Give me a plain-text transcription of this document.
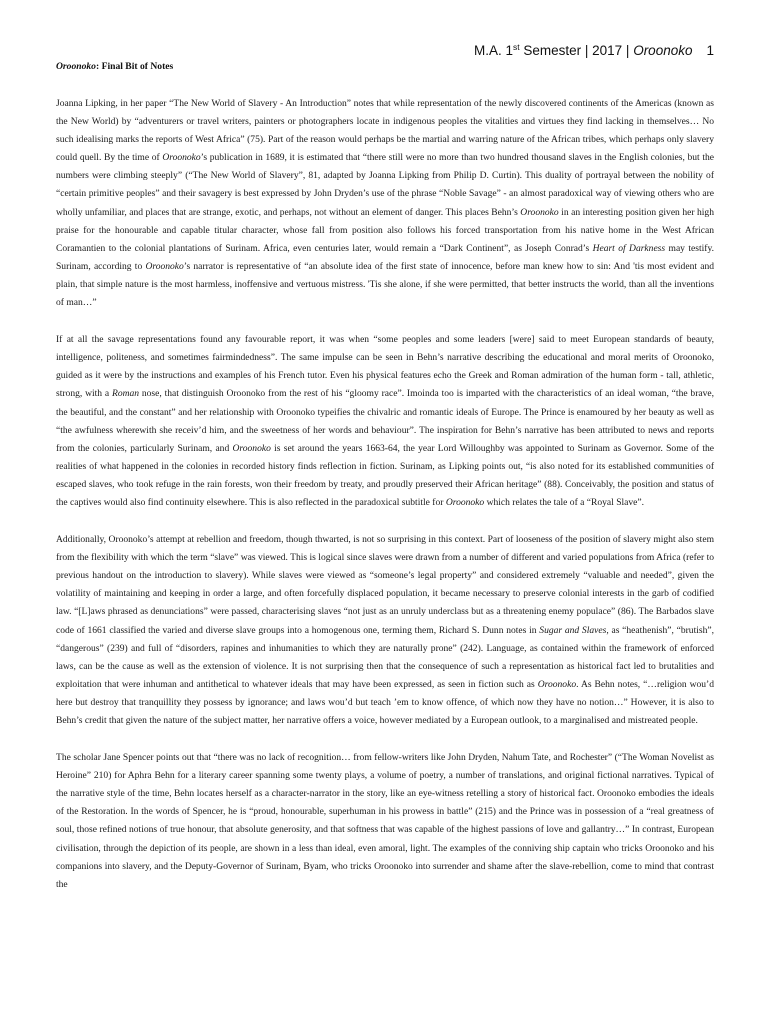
M.A. 1st Semester | 2017 | Oroonoko 1
Oroonoko: Final Bit of Notes

Joanna Lipking, in her paper “The New World of Slavery - An Introduction” notes that while representation of the newly discovered continents of the Americas (known as the New World) by “adventurers or travel writers, painters or photographers locate in indigenous peoples the vitalities and virtues they find lacking in themselves… No such idealising marks the reports of West Africa” (75). Part of the reason would perhaps be the martial and warring nature of the African tribes, which perhaps only slavery could quell. By the time of Oroonoko’s publication in 1689, it is estimated that “there still were no more than two hundred thousand slaves in the English colonies, but the numbers were climbing steeply” (“The New World of Slavery”, 81, adapted by Joanna Lipking from Philip D. Curtin). This duality of portrayal between the nobility of “certain primitive peoples” and their savagery is best expressed by John Dryden’s use of the phrase “Noble Savage” - an almost paradoxical way of viewing others who are wholly unfamiliar, and places that are strange, exotic, and perhaps, not without an element of danger. This places Behn’s Oroonoko in an interesting position given her high praise for the honourable and capable titular character, whose fall from position also follows his forced transportation from his native home in the West African Coramantien to the colonial plantations of Surinam. Africa, even centuries later, would remain a “Dark Continent”, as Joseph Conrad’s Heart of Darkness may testify. Surinam, according to Oroonoko’s narrator is representative of “an absolute idea of the first state of innocence, before man knew how to sin: And 'tis most evident and plain, that simple nature is the most harmless, inoffensive and vertuous mistress. 'Tis she alone, if she were permitted, that better instructs the world, than all the inventions of man…”

If at all the savage representations found any favourable report, it was when “some peoples and some leaders [were] said to meet European standards of beauty, intelligence, politeness, and sometimes fairmindedness”. The same impulse can be seen in Behn’s narrative describing the educational and moral merits of Oroonoko, guided as it were by the instructions and examples of his French tutor. Even his physical features echo the Greek and Roman admiration of the human form - tall, athletic, strong, with a Roman nose, that distinguish Oroonoko from the rest of his “gloomy race”. Imoinda too is imparted with the characteristics of an ideal woman, “the brave, the beautiful, and the constant” and her relationship with Oroonoko typeifies the chivalric and romantic ideals of Europe. The Prince is enamoured by her beauty as well as “the awfulness wherewith she receiv’d him, and the sweetness of her words and behaviour”. The inspiration for Behn’s narrative has been attributed to news and reports from the colonies, particularly Surinam, and Oroonoko is set around the years 1663-64, the year Lord Willoughby was appointed to Surinam as Governor. Some of the realities of what happened in the colonies in recorded history finds reflection in fiction. Surinam, as Lipking points out, “is also noted for its established communities of escaped slaves, who took refuge in the rain forests, won their freedom by treaty, and proudly preserved their African heritage” (88). Conceivably, the position and status of the captives would also find continuity elsewhere. This is also reflected in the paradoxical subtitle for Oroonoko which relates the tale of a “Royal Slave”.

Additionally, Oroonoko’s attempt at rebellion and freedom, though thwarted, is not so surprising in this context. Part of looseness of the position of slavery might also stem from the flexibility with which the term “slave” was viewed. This is logical since slaves were drawn from a number of different and varied populations from Africa (refer to previous handout on the introduction to slavery). While slaves were viewed as “someone’s legal property” and considered extremely “valuable and needed”, given the volatility of maintaining and keeping in order a large, and often forcefully displaced population, it became necessary to preserve colonial interests in the garb of codified law. “[L]aws phrased as denunciations” were passed, characterising slaves “not just as an unruly underclass but as a threatening enemy populace” (86). The Barbados slave code of 1661 classified the varied and diverse slave groups into a homogenous one, terming them, Richard S. Dunn notes in Sugar and Slaves, as “heathenish”, “brutish”, “dangerous” (239) and full of “disorders, rapines and inhumanities to which they are naturally prone” (242). Language, as contained within the framework of enforced laws, can be the cause as well as the extension of violence. It is not surprising then that the consequence of such a representation as historical fact led to brutalities and exploitation that were inhuman and antithetical to whatever ideals that may have been expressed, as seen in fiction such as Oroonoko. As Behn notes, “…religion wou’d here but destroy that tranquillity they possess by ignorance; and laws wou’d but teach ’em to know offence, of which now they have no notion…” However, it is also to Behn’s credit that given the nature of the subject matter, her narrative offers a voice, however mediated by a European outlook, to a marginalised and mistreated people.

The scholar Jane Spencer points out that “there was no lack of recognition… from fellow-writers like John Dryden, Nahum Tate, and Rochester” (“The Woman Novelist as Heroine” 210) for Aphra Behn for a literary career spanning some twenty plays, a volume of poetry, a number of translations, and original fictional narratives. Typical of the narrative style of the time, Behn locates herself as a character-narrator in the story, like an eye-witness retelling a story of historical fact. Oroonoko embodies the ideals of the Restoration. In the words of Spencer, he is “proud, honourable, superhuman in his prowess in battle” (215) and the Prince was in possession of a “real greatness of soul, those refined notions of true honour, that absolute generosity, and that softness that was capable of the highest passions of love and gallantry…” In contrast, European civilisation, through the depiction of its people, are shown in a less than ideal, even amoral, light. The examples of the conniving ship captain who tricks Oroonoko and his companions into slavery, and the Deputy-Governor of Surinam, Byam, who tricks Oroonoko into surrender and shame after the slave-rebellion, come to mind that contrast the
